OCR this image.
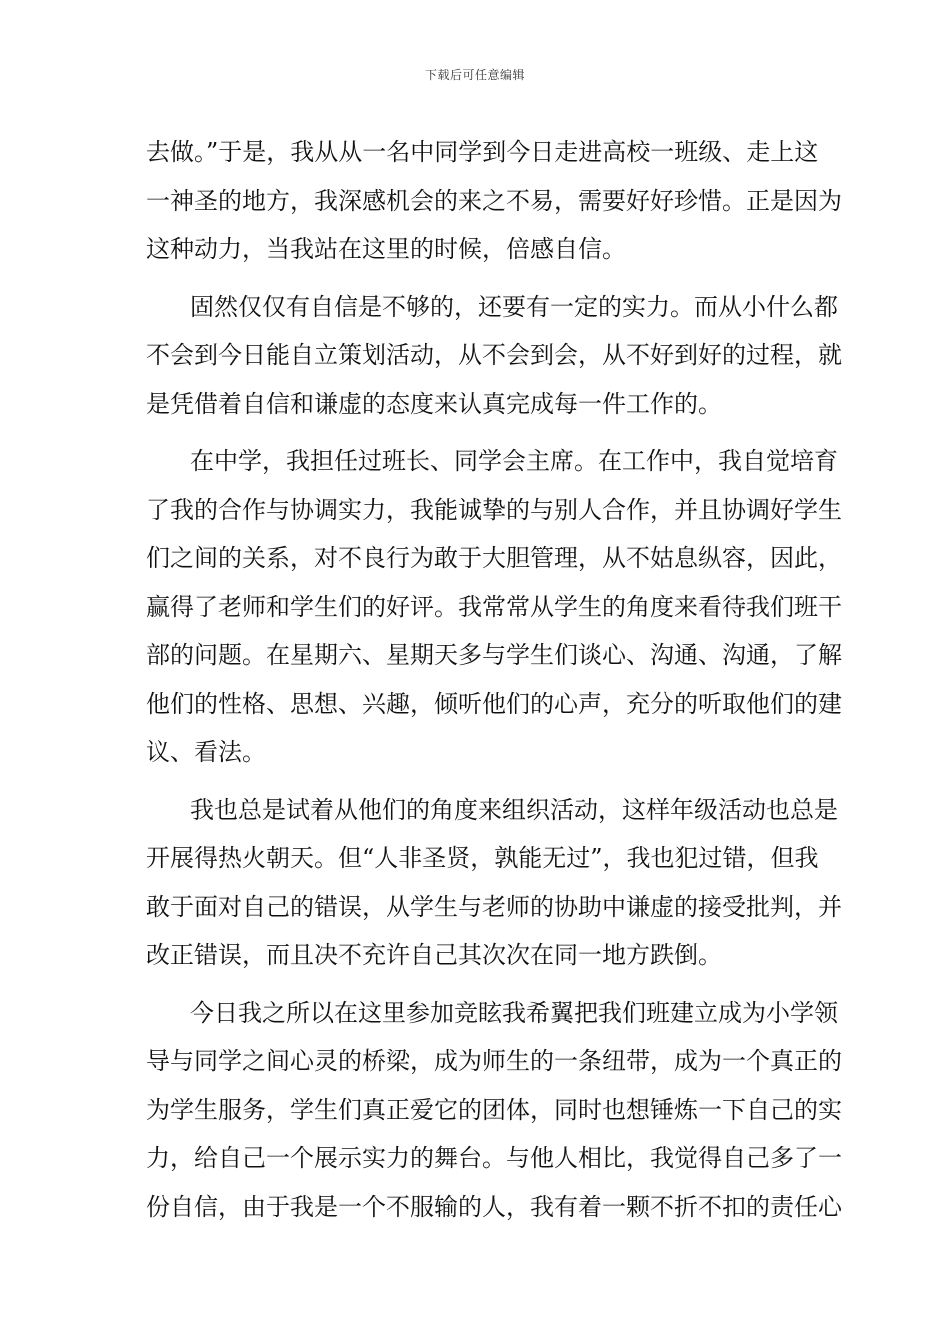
下载后可任意编辑
去做。”于是，我从从一名中同学到今日走进高校一班级、走上这
一神圣的地方，我深感机会的来之不易，需要好好珍惜。正是因为
这种动力，当我站在这里的时候，倍感自信。
固然仅仅有自信是不够的，还要有一定的实力。而从小什么都
不会到今日能自立策划活动，从不会到会，从不好到好的过程，就
是凭借着自信和谦虚的态度来认真完成每一件工作的。
在中学，我担任过班长、同学会主席。在工作中，我自觉培育
了我的合作与协调实力，我能诚挚的与别人合作，并且协调好学生
们之间的关系，对不良行为敢于大胆管理，从不姑息纵容，因此，
赢得了老师和学生们的好评。我常常从学生的角度来看待我们班干
部的问题。在星期六、星期天多与学生们谈心、沟通、沟通，了解
他们的性格、思想、兴趣，倾听他们的心声，充分的听取他们的建
议、看法。
我也总是试着从他们的角度来组织活动，这样年级活动也总是
开展得热火朝天。但“人非圣贤，孰能无过”，我也犯过错，但我
敢于面对自己的错误，从学生与老师的协助中谦虚的接受批判，并
改正错误，而且决不充许自己其次次在同一地方跌倒。
今日我之所以在这里参加竞眩我希翼把我们班建立成为小学领
导与同学之间心灵的桥梁，成为师生的一条纽带，成为一个真正的
为学生服务，学生们真正爱它的团体，同时也想锤炼一下自己的实
力，给自己一个展示实力的舞台。与他人相比，我觉得自己多了一
份自信，由于我是一个不服输的人，我有着一颗不折不扣的责任心
